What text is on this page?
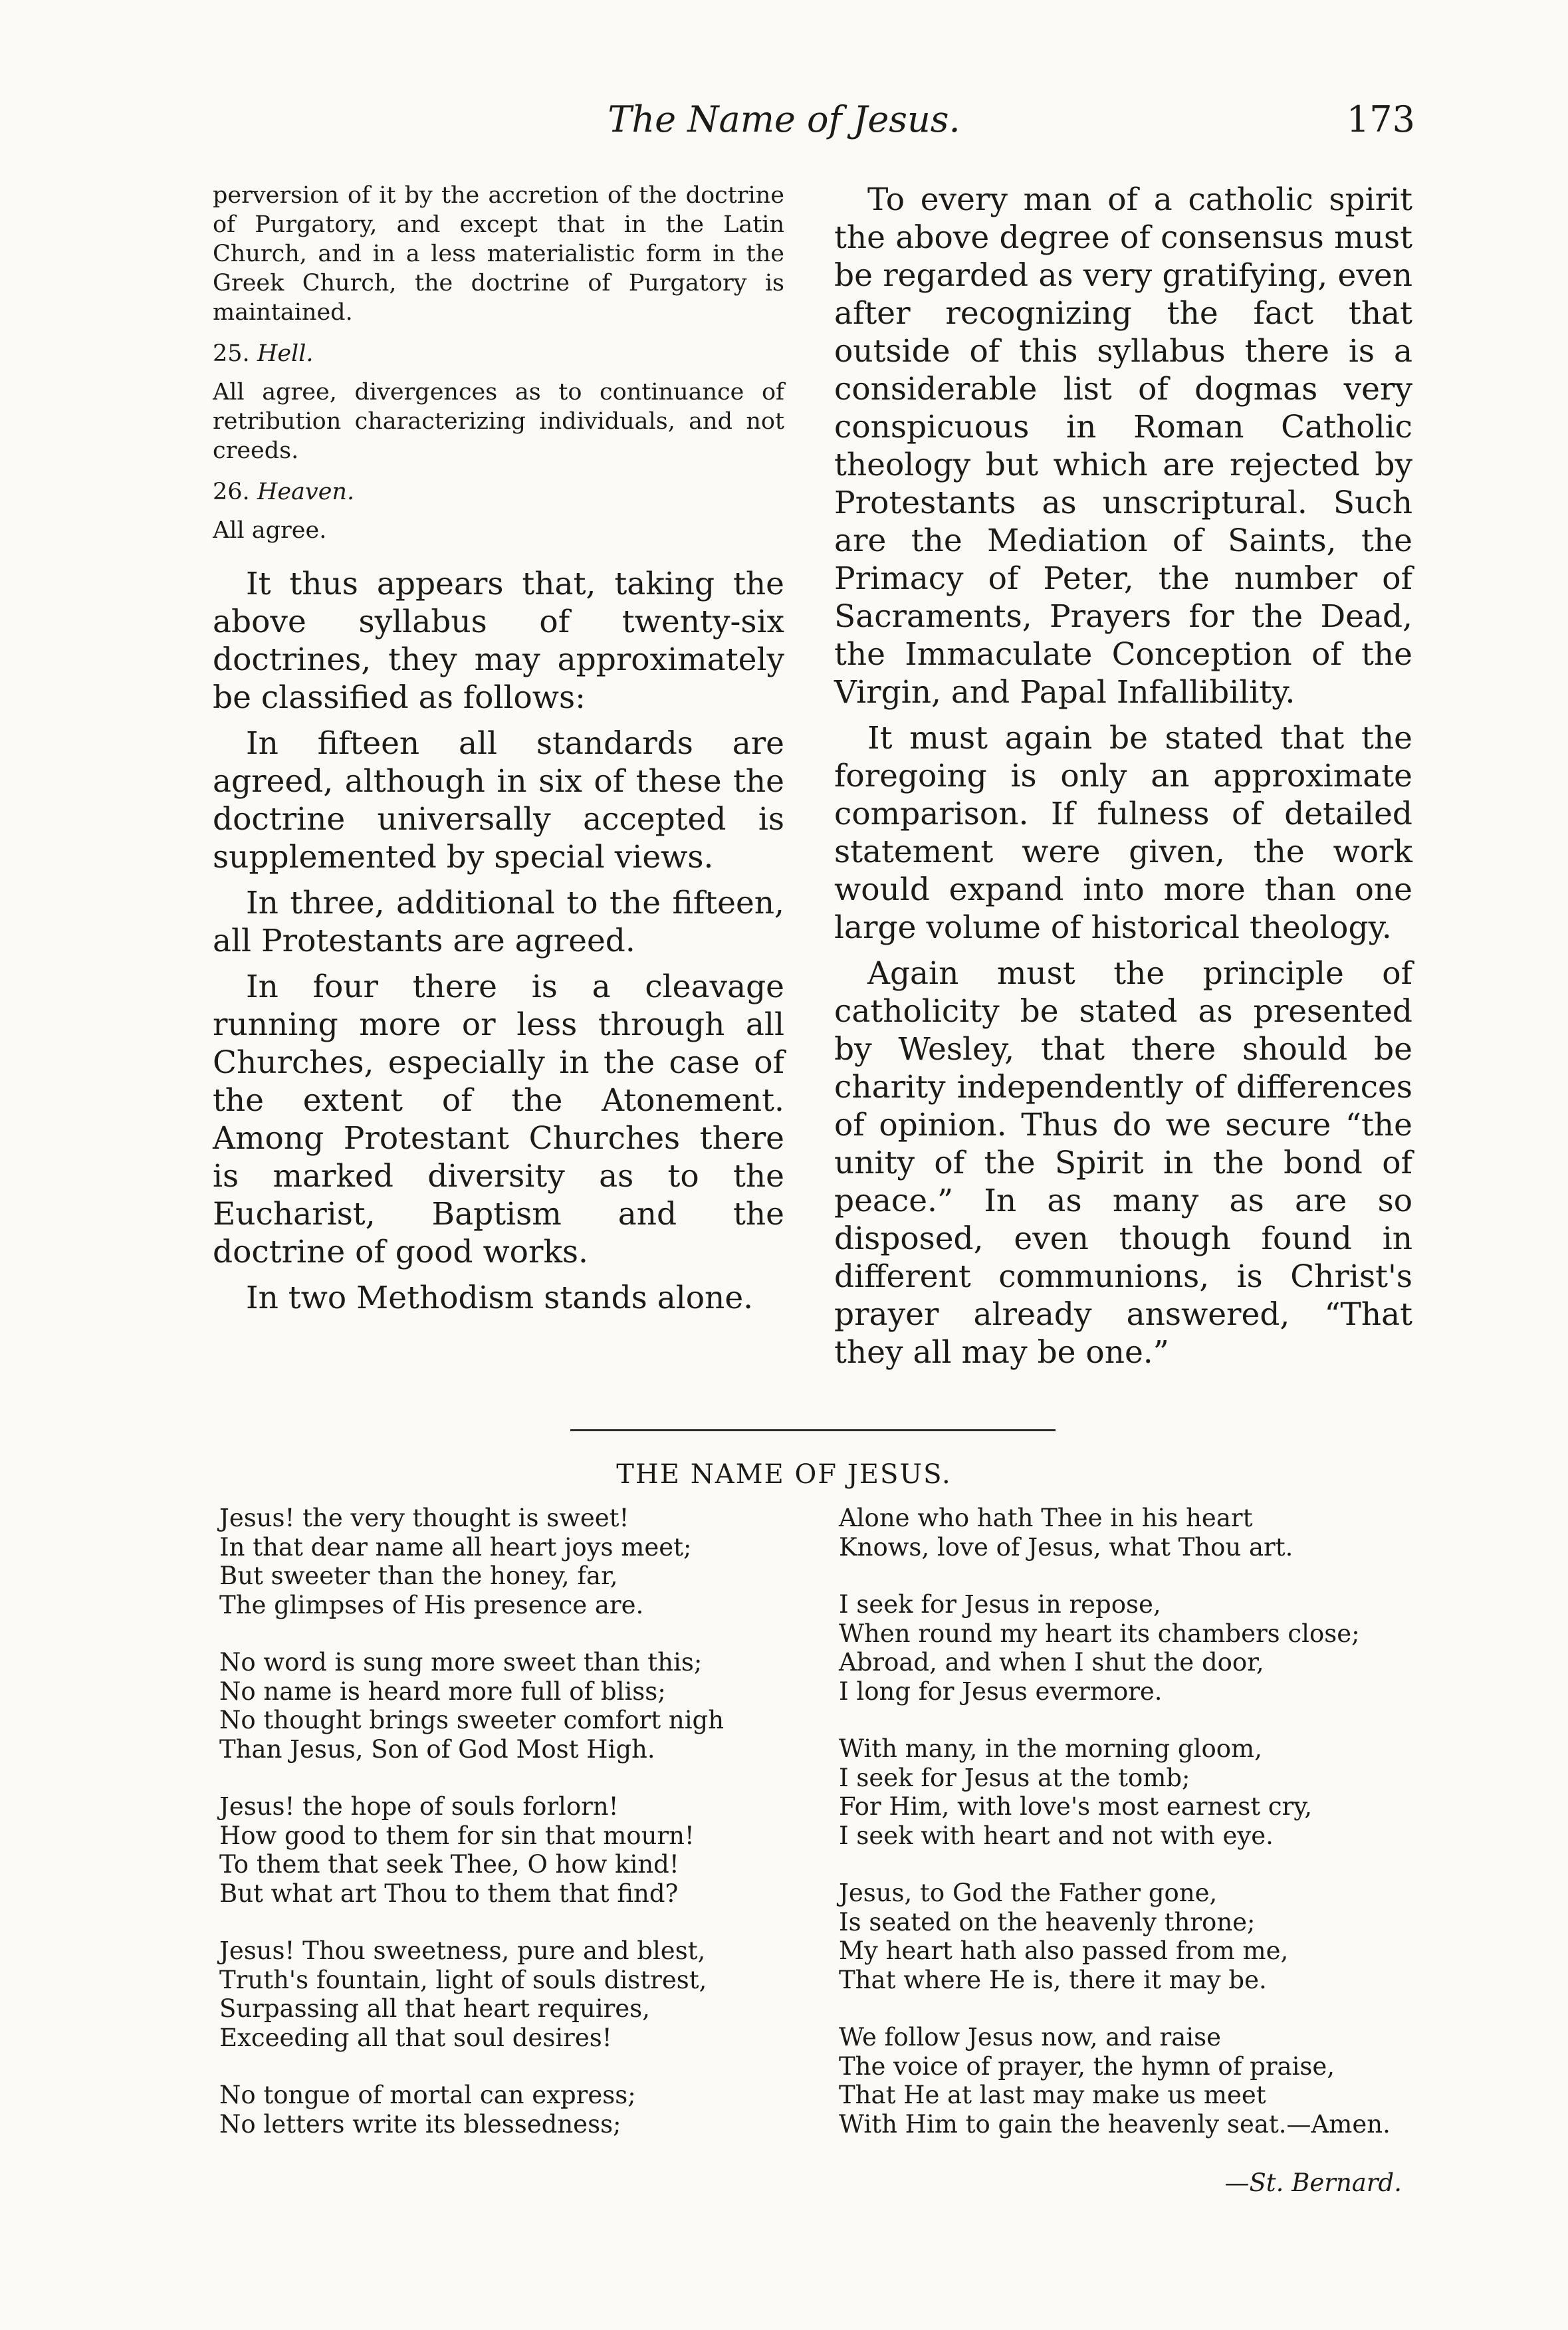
The Name of Jesus.	173

perversion of it by the accretion of the doctrine of Purgatory, and except that in the Latin Church, and in a less materialistic form in the Greek Church, the doctrine of Purgatory is maintained.

25. Hell.

All agree, divergences as to continuance of retribution characterizing individuals, and not creeds.

26. Heaven.

All agree.

It thus appears that, taking the above syllabus of twenty-six doctrines, they may approximately be classified as follows:

In fifteen all standards are agreed, although in six of these the doctrine universally accepted is supplemented by special views.

In three, additional to the fifteen, all Protestants are agreed.

In four there is a cleavage running more or less through all Churches, especially in the case of the extent of the Atonement. Among Protestant Churches there is marked diversity as to the Eucharist, Baptism and the doctrine of good works.

In two Methodism stands alone.

To every man of a catholic spirit the above degree of consensus must be regarded as very gratifying, even after recognizing the fact that outside of this syllabus there is a considerable list of dogmas very conspicuous in Roman Catholic theology but which are rejected by Protestants as unscriptural. Such are the Mediation of Saints, the Primacy of Peter, the number of Sacraments, Prayers for the Dead, the Immaculate Conception of the Virgin, and Papal Infallibility.

It must again be stated that the foregoing is only an approximate comparison. If fulness of detailed statement were given, the work would expand into more than one large volume of historical theology.

Again must the principle of catholicity be stated as presented by Wesley, that there should be charity independently of differences of opinion. Thus do we secure “the unity of the Spirit in the bond of peace.” In as many as are so disposed, even though found in different communions, is Christ's prayer already answered, “That they all may be one.”

THE NAME OF JESUS.
Jesus! the very thought is sweet!
In that dear name all heart joys meet;
But sweeter than the honey, far,
The glimpses of His presence are.
No word is sung more sweet than this;
No name is heard more full of bliss;
No thought brings sweeter comfort nigh
Than Jesus, Son of God Most High.
Jesus! the hope of souls forlorn!
How good to them for sin that mourn!
To them that seek Thee, O how kind!
But what art Thou to them that find?
Jesus! Thou sweetness, pure and blest,
Truth's fountain, light of souls distrest,
Surpassing all that heart requires,
Exceeding all that soul desires!
No tongue of mortal can express;
No letters write its blessedness;
Alone who hath Thee in his heart
Knows, love of Jesus, what Thou art.
I seek for Jesus in repose,
When round my heart its chambers close;
Abroad, and when I shut the door,
I long for Jesus evermore.
With many, in the morning gloom,
I seek for Jesus at the tomb;
For Him, with love's most earnest cry,
I seek with heart and not with eye.
Jesus, to God the Father gone,
Is seated on the heavenly throne;
My heart hath also passed from me,
That where He is, there it may be.
We follow Jesus now, and raise
The voice of prayer, the hymn of praise,
That He at last may make us meet
With Him to gain the heavenly seat.—Amen.
—St. Bernard.
